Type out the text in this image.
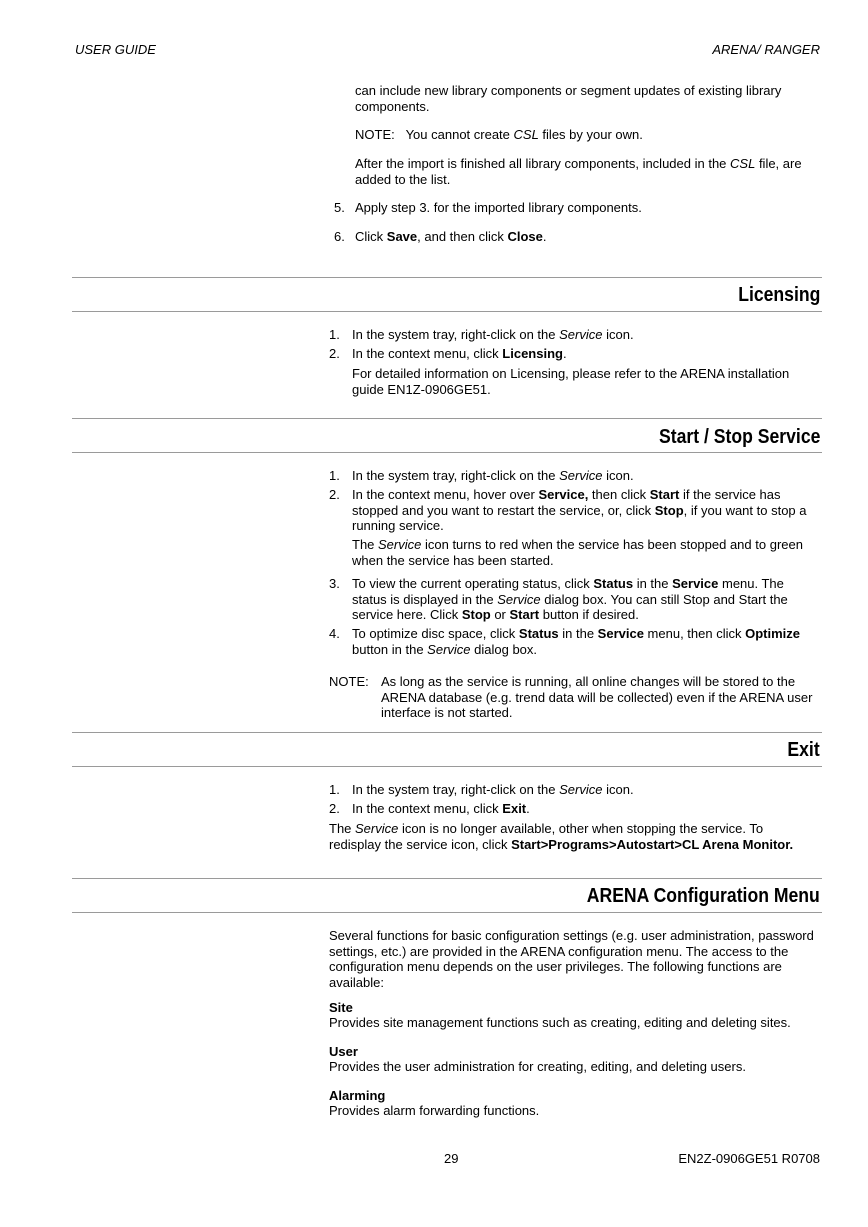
USER GUIDE	ARENA/ RANGER

can include new library components or segment updates of existing library components.

NOTE: You cannot create CSL files by your own.

After the import is finished all library components, included in the CSL file, are added to the list.

5. Apply step 3. for the imported library components.

6. Click Save, and then click Close.

Licensing
1. In the system tray, right-click on the Service icon.

2. In the context menu, click Licensing.

For detailed information on Licensing, please refer to the ARENA installation guide EN1Z-0906GE51.

Start / Stop Service
1. In the system tray, right-click on the Service icon.

2. In the context menu, hover over Service, then click Start if the service has stopped and you want to restart the service, or, click Stop, if you want to stop a running service.

The Service icon turns to red when the service has been stopped and to green when the service has been started.

3. To view the current operating status, click Status in the Service menu. The status is displayed in the Service dialog box. You can still Stop and Start the service here. Click Stop or Start button if desired.

4. To optimize disc space, click Status in the Service menu, then click Optimize button in the Service dialog box.

NOTE: As long as the service is running, all online changes will be stored to the ARENA database (e.g. trend data will be collected) even if the ARENA user interface is not started.

Exit
1. In the system tray, right-click on the Service icon.

2. In the context menu, click Exit.

The Service icon is no longer available, other when stopping the service. To redisplay the service icon, click Start>Programs>Autostart>CL Arena Monitor.

ARENA Configuration Menu

Several functions for basic configuration settings (e.g. user administration, password settings, etc.) are provided in the ARENA configuration menu. The access to the configuration menu depends on the user privileges. The following functions are available:

Site

Provides site management functions such as creating, editing and deleting sites.

User

Provides the user administration for creating, editing, and deleting users.

Alarming

Provides alarm forwarding functions.

29	EN2Z-0906GE51 R0708
